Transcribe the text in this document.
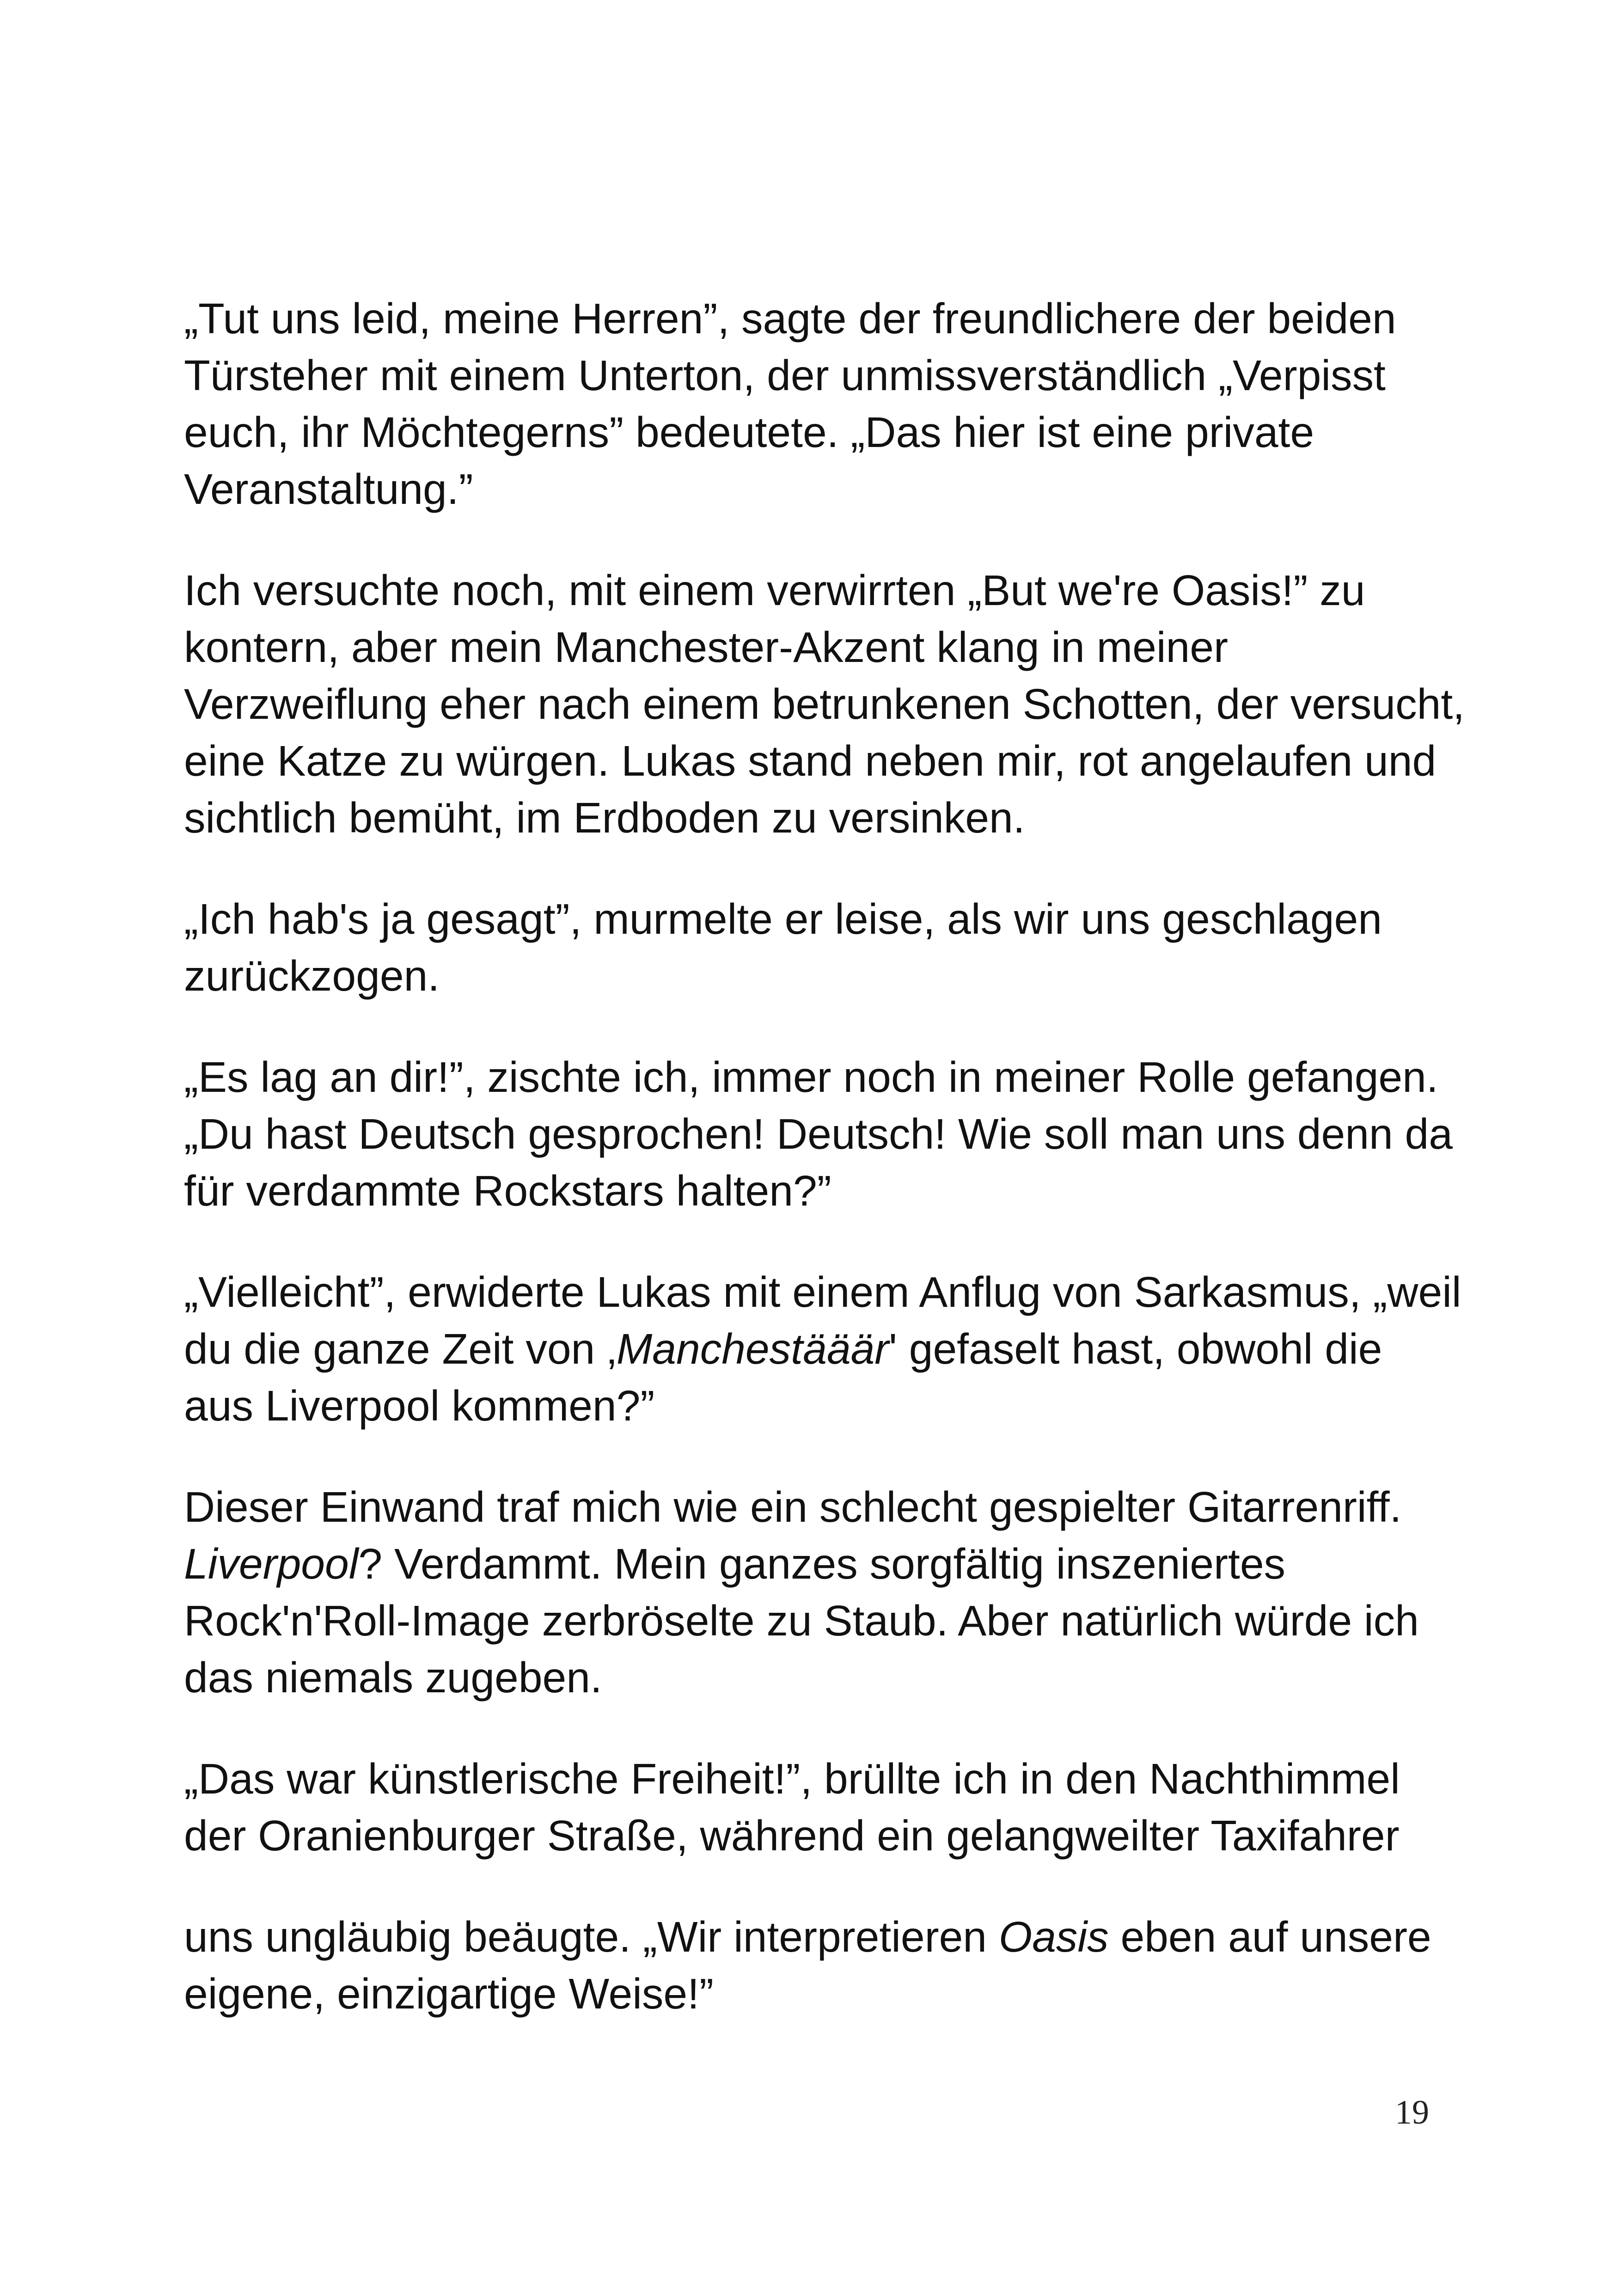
„Tut uns leid, meine Herren”, sagte der freundlichere der beiden
Türsteher mit einem Unterton, der unmissverständlich „Verpisst
euch, ihr Möchtegerns” bedeutete. „Das hier ist eine private
Veranstaltung.”

Ich versuchte noch, mit einem verwirrten „But we're Oasis!” zu
kontern, aber mein Manchester-Akzent klang in meiner
Verzweiflung eher nach einem betrunkenen Schotten, der versucht,
eine Katze zu würgen. Lukas stand neben mir, rot angelaufen und
sichtlich bemüht, im Erdboden zu versinken.

„Ich hab's ja gesagt”, murmelte er leise, als wir uns geschlagen
zurückzogen.

„Es lag an dir!”, zischte ich, immer noch in meiner Rolle gefangen.
„Du hast Deutsch gesprochen! Deutsch! Wie soll man uns denn da
für verdammte Rockstars halten?”

„Vielleicht”, erwiderte Lukas mit einem Anflug von Sarkasmus, „weil
du die ganze Zeit von ‚Manchestääär' gefaselt hast, obwohl die
aus Liverpool kommen?”

Dieser Einwand traf mich wie ein schlecht gespielter Gitarrenriff.
Liverpool? Verdammt. Mein ganzes sorgfältig inszeniertes
Rock'n'Roll-Image zerbröselte zu Staub. Aber natürlich würde ich
das niemals zugeben.

„Das war künstlerische Freiheit!”, brüllte ich in den Nachthimmel
der Oranienburger Straße, während ein gelangweilter Taxifahrer

uns ungläubig beäugte. „Wir interpretieren Oasis eben auf unsere
eigene, einzigartige Weise!”

19
